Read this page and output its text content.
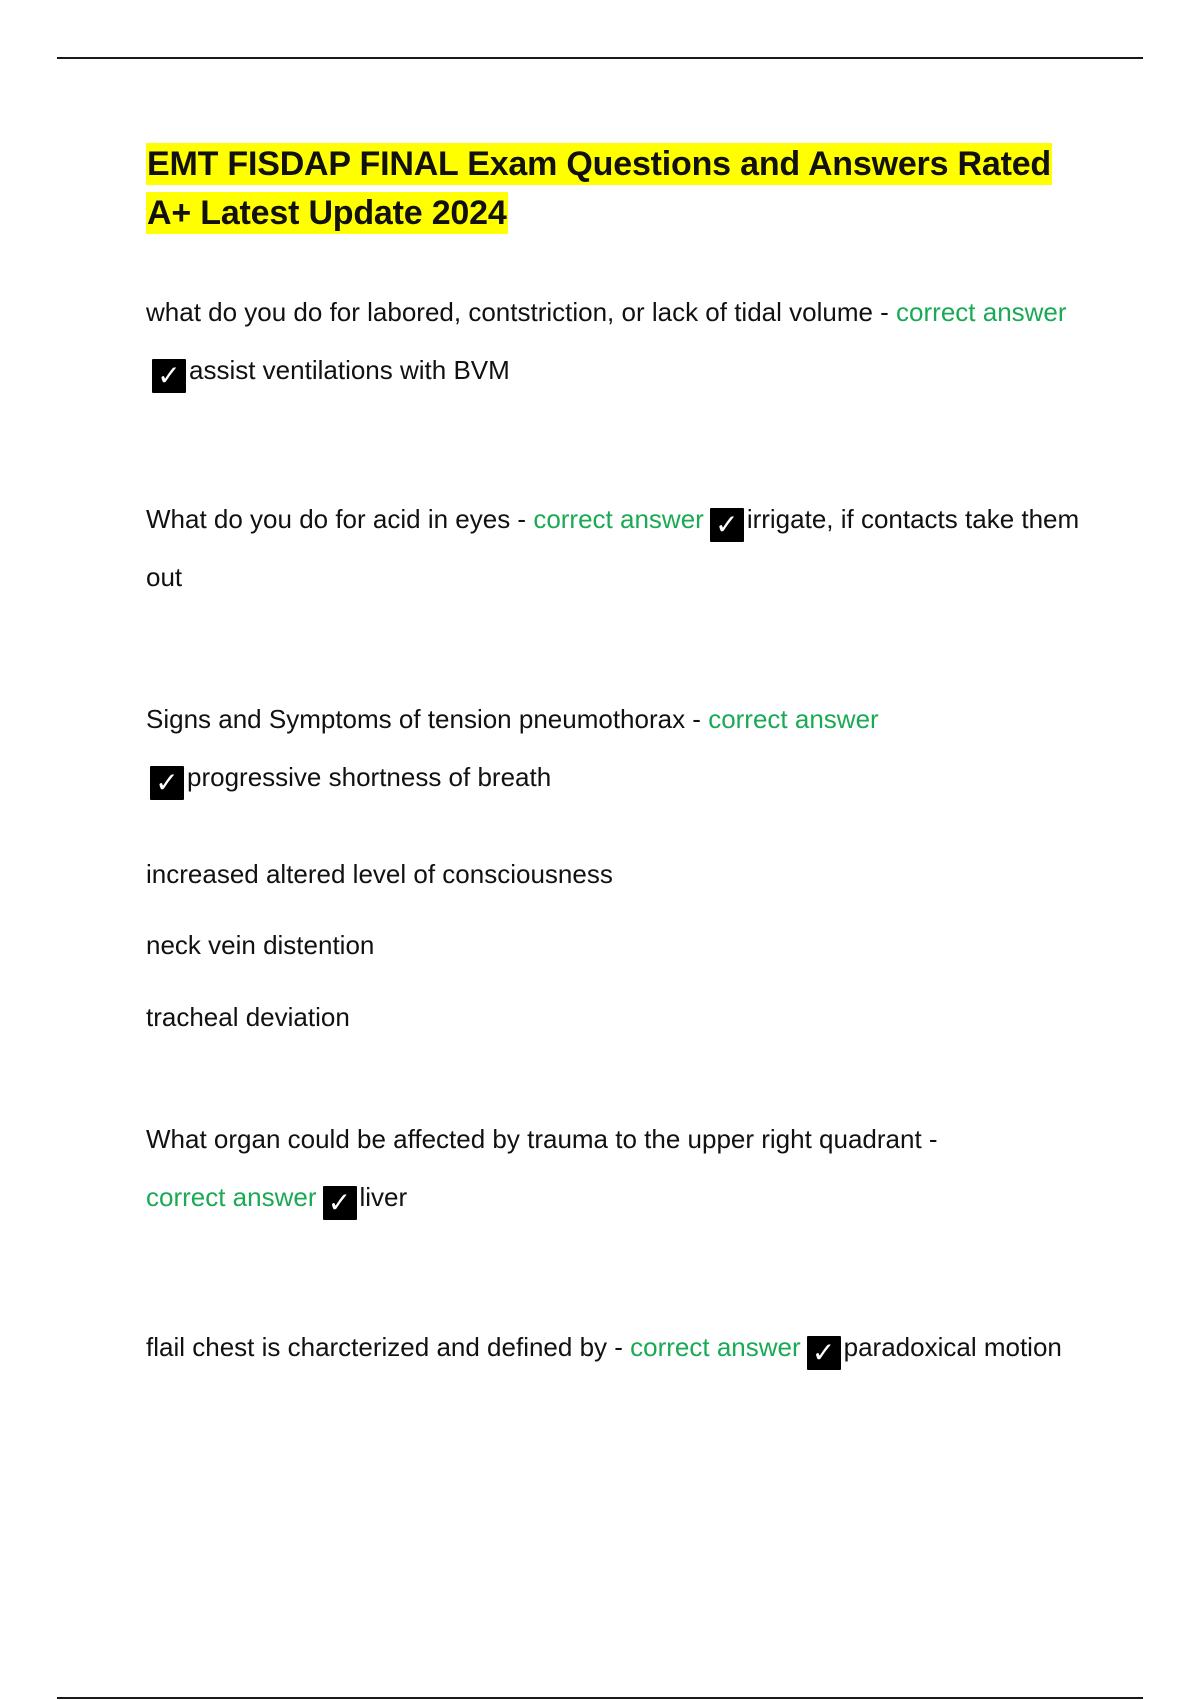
EMT FISDAP FINAL Exam Questions and Answers Rated A+ Latest Update 2024

what do you do for labored, contstriction, or lack of tidal volume - correct answer✓ assist ventilations with BVM

What do you do for acid in eyes - correct answer ✓ irrigate, if contacts take them out

Signs and Symptoms of tension pneumothorax - correct answer
✓ progressive shortness of breath

increased altered level of consciousness

neck vein distention

tracheal deviation

What organ could be affected by trauma to the upper right quadrant -
correct answer ✓ liver

flail chest is charcterized and defined by - correct answer ✓ paradoxical motion
